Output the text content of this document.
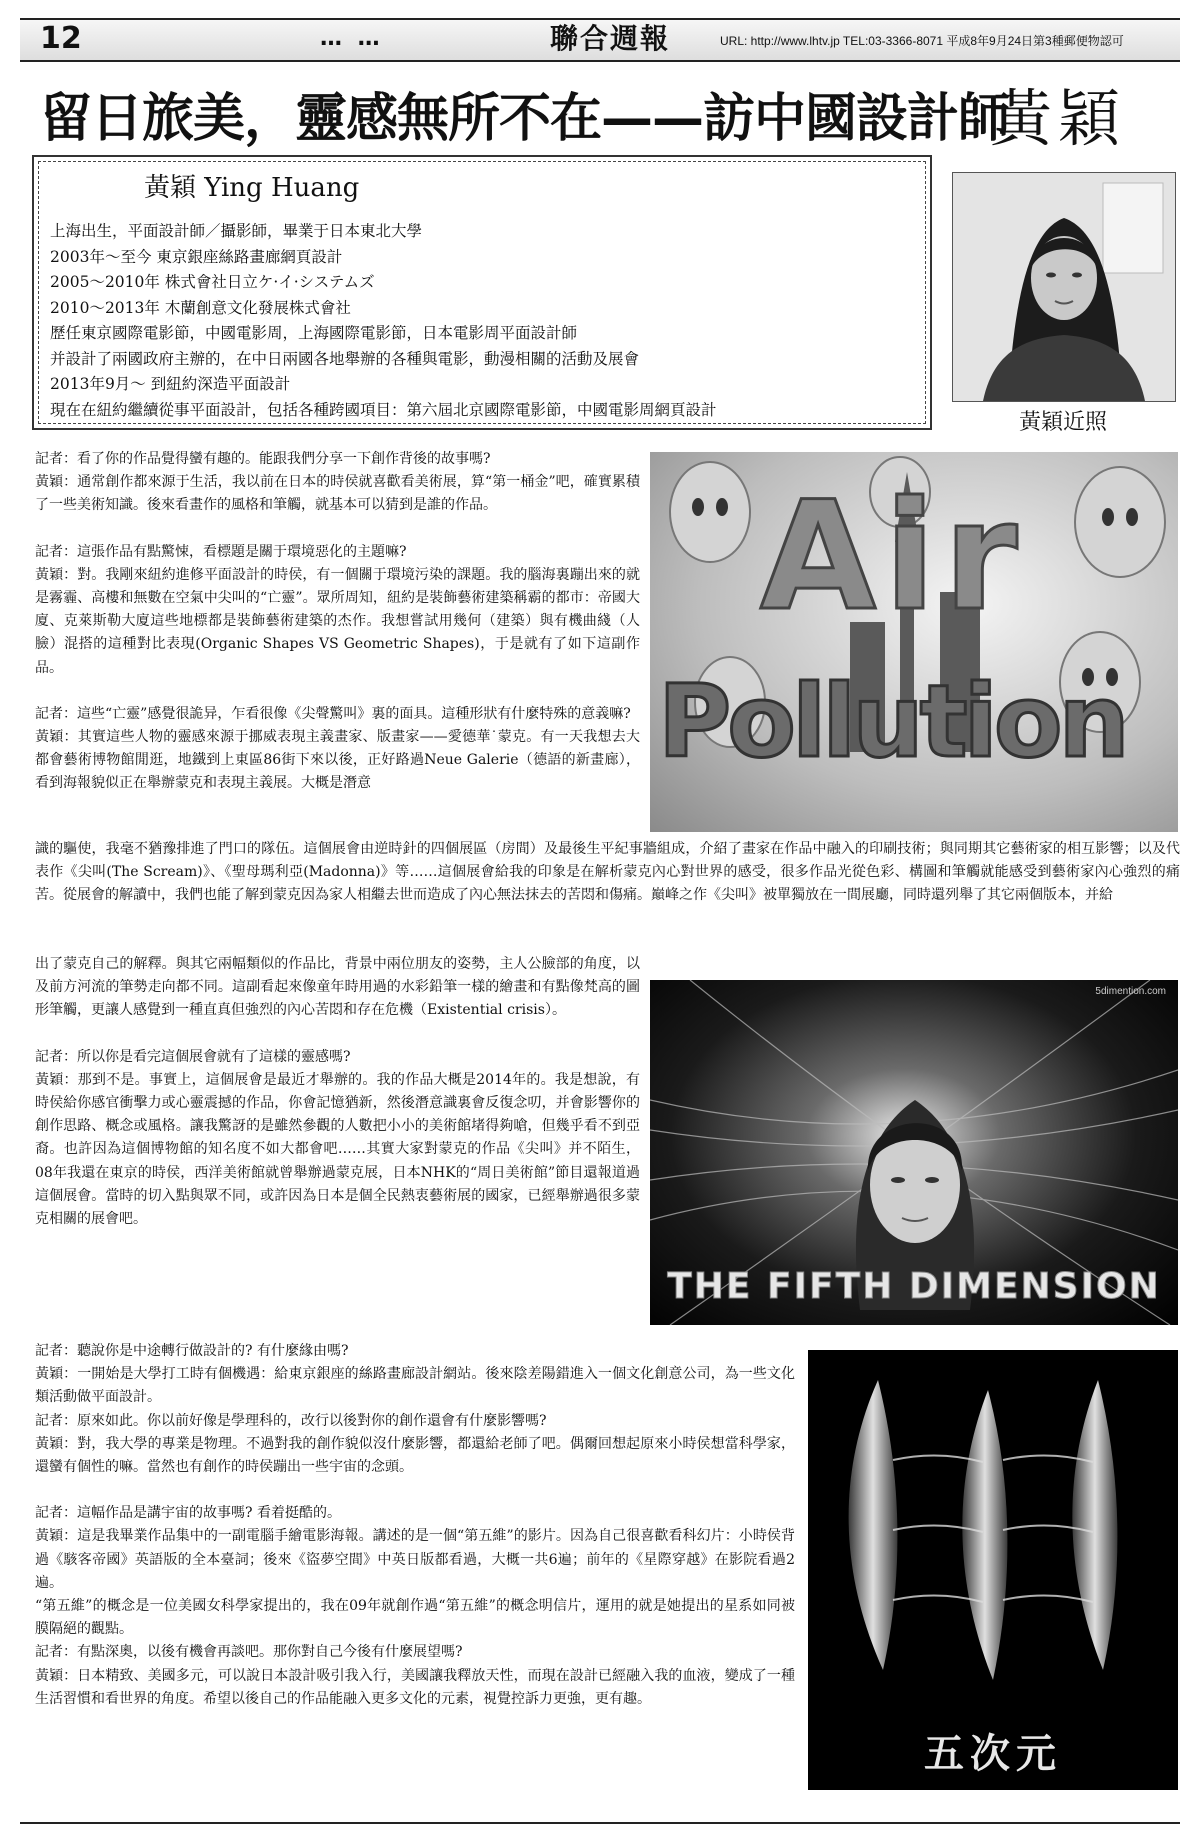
12	… …	聯合週報	URL: http://www.lhtv.jp TEL:03-3366-8071 平成8年9月24日第3種郵便物認可
留日旅美，靈感無所不在——訪中國設計師
黃穎
黃穎 Ying Huang
上海出生，平面設計師／攝影師，畢業于日本東北大學
2003年～至今 東京銀座絲路畫廊網頁設計
2005～2010年 株式會社日立ケ·イ·システムズ
2010～2013年 木蘭創意文化發展株式會社
歷任東京國際電影節，中國電影周，上海國際電影節，日本電影周平面設計師
并設計了兩國政府主辦的，在中日兩國各地舉辦的各種與電影，動漫相關的活動及展會
2013年9月～ 到紐約深造平面設計
現在在紐約繼續從事平面設計，包括各種跨國項目：第六屆北京國際電影節，中國電影周網頁設計
黃穎近照

記者：看了你的作品覺得蠻有趣的。能跟我們分享一下創作背後的故事嗎?

黃穎：通常創作都來源于生活，我以前在日本的時侯就喜歡看美術展，算“第一桶金”吧，確實累積了一些美術知識。後來看畫作的風格和筆觸，就基本可以猜到是誰的作品。

記者：這張作品有點驚悚，看標題是關于環境惡化的主題嘛?

黃穎：對。我剛來紐約進修平面設計的時侯，有一個關于環境污染的課題。我的腦海裏蹦出來的就是霧霾、高樓和無數在空氣中尖叫的“亡靈”。眾所周知，紐約是裝飾藝術建築稱霸的都市：帝國大廈、克萊斯勒大廈這些地標都是裝飾藝術建築的杰作。我想嘗試用幾何（建築）與有機曲綫（人臉）混搭的這種對比表現(Organic Shapes VS Geometric Shapes)，于是就有了如下這副作品。

記者：這些“亡靈”感覺很詭异，乍看很像《尖聲驚叫》裏的面具。這種形狀有什麼特殊的意義嘛?

黃穎：其實這些人物的靈感來源于挪威表現主義畫家、版畫家——愛德華˙蒙克。有一天我想去大都會藝術博物館閒逛，地鐵到上東區86街下來以後，正好路過Neue Galerie（德語的新畫廊），看到海報貌似正在舉辦蒙克和表現主義展。大概是潛意

識的驅使，我毫不猶豫排進了門口的隊伍。這個展會由逆時針的四個展區（房間）及最後生平紀事牆組成，介紹了畫家在作品中融入的印刷技術；與同期其它藝術家的相互影響；以及代表作《尖叫(The Scream)》、《聖母瑪利亞(Madonna)》等……這個展會給我的印象是在解析蒙克內心對世界的感受，很多作品光從色彩、構圖和筆觸就能感受到藝術家內心強烈的痛苦。從展會的解讀中，我們也能了解到蒙克因為家人相繼去世而造成了內心無法抹去的苦悶和傷痛。巔峰之作《尖叫》被單獨放在一間展廳，同時還列舉了其它兩個版本，并給

出了蒙克自己的解釋。與其它兩幅類似的作品比，背景中兩位朋友的姿勢，主人公臉部的角度，以及前方河流的筆勢走向都不同。這副看起來像童年時用過的水彩鉛筆一樣的繪畫和有點像梵高的圖形筆觸，更讓人感覺到一種直真但強烈的內心苦悶和存在危機（Existential crisis）。

記者：所以你是看完這個展會就有了這樣的靈感嗎?

黃穎：那到不是。事實上，這個展會是最近才舉辦的。我的作品大概是2014年的。我是想說，有時侯給你感官衝擊力或心靈震撼的作品，你會記憶猶新，然後潛意識裏會反復念叨，并會影響你的創作思路、概念或風格。讓我驚訝的是雖然參觀的人數把小小的美術館堵得夠嗆，但幾乎看不到亞裔。也許因為這個博物館的知名度不如大都會吧……其實大家對蒙克的作品《尖叫》并不陌生，08年我還在東京的時侯，西洋美術館就曾舉辦過蒙克展，日本NHK的“周日美術館”節目還報道過這個展會。當時的切入點與眾不同，或許因為日本是個全民熱衷藝術展的國家，已經舉辦過很多蒙克相關的展會吧。

記者：聽說你是中途轉行做設計的? 有什麼緣由嗎?

黃穎：一開始是大學打工時有個機遇：給東京銀座的絲路畫廊設計網站。後來陰差陽錯進入一個文化創意公司，為一些文化類活動做平面設計。

記者：原來如此。你以前好像是學理科的，改行以後對你的創作還會有什麼影響嗎?

黃穎：對，我大學的專業是物理。不過對我的創作貌似沒什麼影響，都還給老師了吧。偶爾回想起原來小時侯想當科學家，還蠻有個性的嘛。當然也有創作的時侯蹦出一些宇宙的念頭。

記者：這幅作品是講宇宙的故事嗎? 看着挺酷的。

黃穎：這是我畢業作品集中的一副電腦手繪電影海報。講述的是一個“第五維”的影片。因為自己很喜歡看科幻片：小時侯背過《駭客帝國》英語版的全本臺詞；後來《盜夢空間》中英日版都看過，大概一共6遍；前年的《星際穿越》在影院看過2遍。

“第五維”的概念是一位美國女科學家提出的，我在09年就創作過“第五維”的概念明信片，運用的就是她提出的星系如同被膜隔絕的觀點。

記者：有點深奧，以後有機會再談吧。那你對自己今後有什麼展望嗎?

黃穎：日本精致、美國多元，可以說日本設計吸引我入行，美國讓我釋放天性，而現在設計已經融入我的血液，變成了一種生活習慣和看世界的角度。希望以後自己的作品能融入更多文化的元素，視覺控訴力更強，更有趣。

Air
Pollution
5dimention.com
THE FIFTH DIMENSION
五次元
